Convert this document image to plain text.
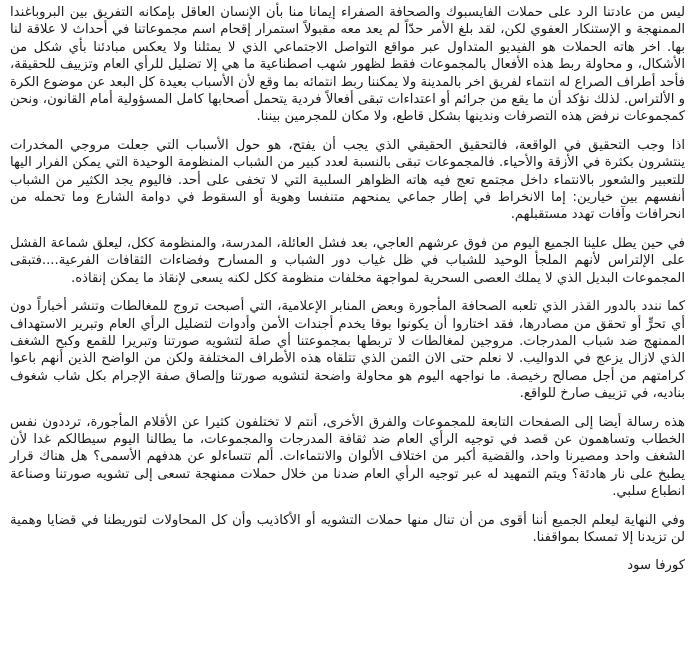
ليس من عادتنا الرد على حملات الفايسبوك والصحافة الصفراء إيمانا منا بأن الإنسان العاقل بإمكانه التفريق بين البروباغندا الممنهجة و الإستنكار العفوي لكن، لقد بلغ الأمر حدّاً لم يعد معه مقبولاً استمرار إقحام اسم مجموعاتنا في أحداث لا علاقة لنا بها. اخر هاته الحملات هو الفيديو المتداول عبر مواقع التواصل الاجتماعي الذي لا يمثلنا ولا يعكس مبادئنا بأي شكل من الأشكال، و محاولة ربط هذه الأفعال بالمجموعات فقط لظهور شهب اصطناعية ما هي إلا تضليل للرأي العام وتزييف للحقيقة، فأحد أطراف الصراع له انتماء لفريق اخر بالمدينة ولا يمكننا ربط انتمائه بما وقع لأن الأسباب بعيدة كل البعد عن موضوع الكرة و الألتراس. لذلك نؤكد أن ما يقع من جرائم أو اعتداءات تبقى أفعالاً فردية يتحمل أصحابها كامل المسؤولية أمام القانون، ونحن كمجموعات نرفض هذه التصرفات وندينها بشكل قاطع، ولا مكان للمجرمين بيننا.

اذا وجب التحقيق في الواقعة، فالتحقيق الحقيقي الذي يجب أن يفتح، هو حول الأسباب التي جعلت مروجي المخدرات ينتشرون بكثرة في الأزقة والأحياء. فالمجموعات تبقى بالنسبة لعدد كبير من الشباب المنظومة الوحيدة التي يمكن الفرار اليها للتعبير والشعور بالانتماء داخل مجتمع تعج فيه هاته الظواهر السلبية التي لا تخفى على أحد. فاليوم يجد الكثير من الشباب أنفسهم بين خيارين: إما الانخراط في إطار جماعي يمنحهم متنفسا وهوية أو السقوط في دوامة الشارع وما تحمله من انحرافات وآفات تهدد مستقبلهم.

في حين يطل علينا الجميع اليوم من فوق عرشهم العاجي، بعد فشل العائلة، المدرسة، والمنظومة ككل، ليعلق شماعة الفشل على الإلتراس لأنهم الملجأ الوحيد للشباب في ظل غياب دور الشباب و المسارح وفضاءات الثقافات الفرعية....فتبقى المجموعات البديل الذي لا يملك العصى السحرية لمواجهة مخلفات منظومة ككل لكنه يسعى لإنقاذ ما يمكن إنقاذه.

كما نندد بالدور القذر الذي تلعبه الصحافة المأجورة وبعض المنابر الإعلامية، التي أصبحت تروج للمغالطات وتنشر أخباراً دون أي تحرٍّ أو تحقق من مصادرها، فقد اختاروا أن يكونوا بوقا يخدم أجندات الأمن وأدوات لتضليل الرأي العام وتبرير الاستهداف الممنهج ضد شباب المدرجات. مروجين لمغالطات لا تربطها بمجموعتنا أي صلة لتشويه صورتنا وتبريرا للقمع وكبح الشغف الذي لازال يزعج في الدواليب. لا نعلم حتى الان الثمن الذي تتلقاه هذه الأطراف المختلفة ولكن من الواضح الذين أنهم باعوا كرامتهم من أجل مصالح رخيصة. ما نواجهه اليوم هو محاولة واضحة لتشويه صورتنا وإلصاق صفة الإجرام بكل شاب شغوف بناديه، في تزييف صارخ للواقع.

هذه رسالة أيضا إلى الصفحات التابعة للمجموعات والفرق الأخرى، أنتم لا تختلفون كثيرا عن الأقلام المأجورة، ترددون نفس الخطاب وتساهمون عن قصد في توجيه الرأي العام ضد ثقافة المدرجات والمجموعات، ما يطالنا اليوم سيطالكم غدا لأن الشغف واحد ومصيرنا واحد، والقضية أكبر من اختلاف الألوان والانتماءات. ألم تتساءلو عن هدفهم الأسمى؟ هل هناك قرار يطبخ على نار هادئة؟ ويتم التمهيد له عبر توجيه الرأي العام ضدنا من خلال حملات ممنهجة تسعى إلى تشويه صورتنا وصناعة انطباع سلبي.

وفي النهاية ليعلم الجميع أننا أقوى من أن تنال منها حملات التشويه أو الأكاذيب وأن كل المحاولات لتوريطنا في قضايا وهمية لن تزيدنا إلا تمسكا بمواقفنا.

كورفا سود
